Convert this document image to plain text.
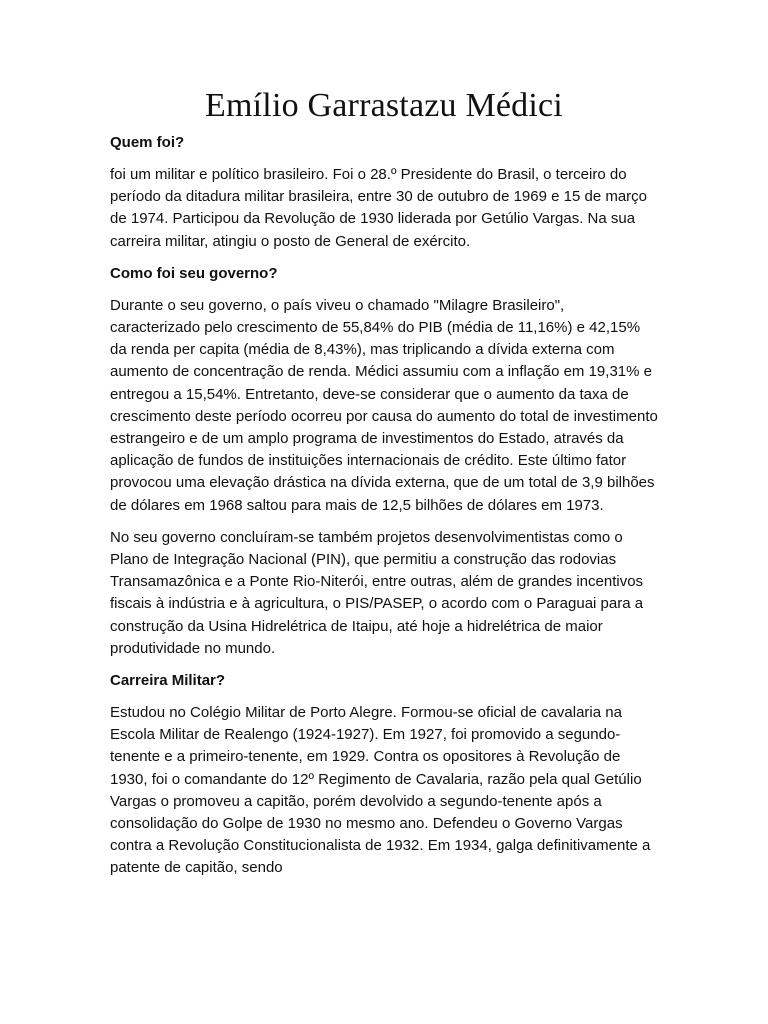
Emílio Garrastazu Médici
Quem foi?

foi um militar e político brasileiro. Foi o 28.º Presidente do Brasil, o terceiro do período da ditadura militar brasileira, entre 30 de outubro de 1969 e 15 de março de 1974. Participou da Revolução de 1930 liderada por Getúlio Vargas. Na sua carreira militar, atingiu o posto de General de exército.

Como foi seu governo?

Durante o seu governo, o país viveu o chamado "Milagre Brasileiro", caracterizado pelo crescimento de 55,84% do PIB (média de 11,16%) e 42,15% da renda per capita (média de 8,43%), mas triplicando a dívida externa com aumento de concentração de renda. Médici assumiu com a inflação em 19,31% e entregou a 15,54%. Entretanto, deve-se considerar que o aumento da taxa de crescimento deste período ocorreu por causa do aumento do total de investimento estrangeiro e de um amplo programa de investimentos do Estado, através da aplicação de fundos de instituições internacionais de crédito. Este último fator provocou uma elevação drástica na dívida externa, que de um total de 3,9 bilhões de dólares em 1968 saltou para mais de 12,5 bilhões de dólares em 1973.

No seu governo concluíram-se também projetos desenvolvimentistas como o Plano de Integração Nacional (PIN), que permitiu a construção das rodovias Transamazônica e a Ponte Rio-Niterói, entre outras, além de grandes incentivos fiscais à indústria e à agricultura, o PIS/PASEP, o acordo com o Paraguai para a construção da Usina Hidrelétrica de Itaipu, até hoje a hidrelétrica de maior produtividade no mundo.

Carreira Militar?

Estudou no Colégio Militar de Porto Alegre. Formou-se oficial de cavalaria na Escola Militar de Realengo (1924-1927). Em 1927, foi promovido a segundo-tenente e a primeiro-tenente, em 1929. Contra os opositores à Revolução de 1930, foi o comandante do 12º Regimento de Cavalaria, razão pela qual Getúlio Vargas o promoveu a capitão, porém devolvido a segundo-tenente após a consolidação do Golpe de 1930 no mesmo ano. Defendeu o Governo Vargas contra a Revolução Constitucionalista de 1932. Em 1934, galga definitivamente a patente de capitão, sendo
